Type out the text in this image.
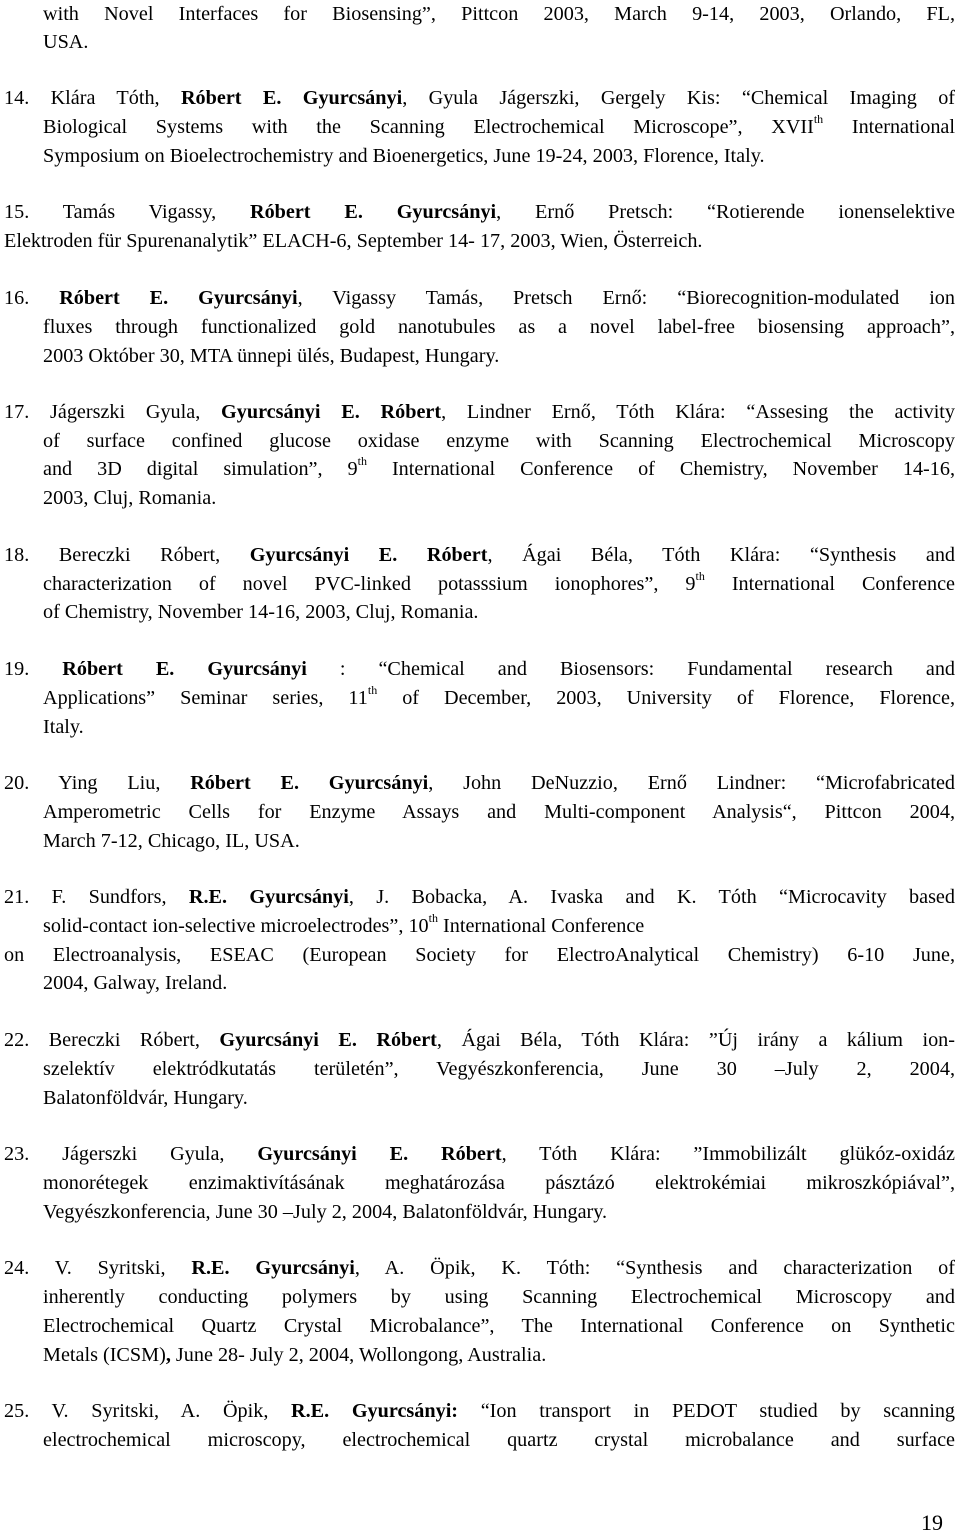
with Novel Interfaces for Biosensing”, Pittcon 2003, March 9-14, 2003, Orlando, FL,
USA.
14. Klára Tóth, Róbert E. Gyurcsányi, Gyula Jágerszki, Gergely Kis: “Chemical Imaging of
Biological Systems with the Scanning Electrochemical Microscope”, XVIIth International
Symposium on Bioelectrochemistry and Bioenergetics, June 19-24, 2003, Florence, Italy.
15. Tamás Vigassy, Róbert E. Gyurcsányi, Ernő Pretsch: “Rotierende ionenselektive
Elektroden für Spurenanalytik” ELACH-6, September 14- 17, 2003, Wien, Österreich.
16. Róbert E. Gyurcsányi, Vigassy Tamás, Pretsch Ernő: “Biorecognition-modulated ion
fluxes through functionalized gold nanotubules as a novel label-free biosensing approach”,
2003 Október 30, MTA ünnepi ülés, Budapest, Hungary.
17. Jágerszki Gyula, Gyurcsányi E. Róbert, Lindner Ernő, Tóth Klára: “Assesing the activity
of surface confined glucose oxidase enzyme with Scanning Electrochemical Microscopy
and 3D digital simulation”, 9th International Conference of Chemistry, November 14-16,
2003, Cluj, Romania.
18. Bereczki Róbert, Gyurcsányi E. Róbert, Ágai Béla, Tóth Klára: “Synthesis and
characterization of novel PVC-linked potasssium ionophores”, 9th International Conference
of Chemistry, November 14-16, 2003, Cluj, Romania.
19. Róbert E. Gyurcsányi : “Chemical and Biosensors: Fundamental research and
Applications” Seminar series, 11th of December, 2003, University of Florence, Florence,
Italy.
20. Ying Liu, Róbert E. Gyurcsányi, John DeNuzzio, Ernő Lindner: “Microfabricated
Amperometric Cells for Enzyme Assays and Multi-component Analysis“, Pittcon 2004,
March 7-12, Chicago, IL, USA.
21. F. Sundfors, R.E. Gyurcsányi, J. Bobacka, A. Ivaska and K. Tóth “Microcavity based
solid-contact ion-selective microelectrodes”, 10th International Conference
on Electroanalysis, ESEAC (European Society for ElectroAnalytical Chemistry) 6-10 June,
2004, Galway, Ireland.
22. Bereczki Róbert, Gyurcsányi E. Róbert, Ágai Béla, Tóth Klára: ”Új irány a kálium ion-
szelektív elektródkutatás területén”, Vegyészkonferencia, June 30 –July 2, 2004,
Balatonföldvár, Hungary.
23. Jágerszki Gyula, Gyurcsányi E. Róbert, Tóth Klára: ”Immobilizált glükóz-oxidáz
monorétegek enzimaktivításának meghatározása pásztázó elektrokémiai mikroszkópiával”,
Vegyészkonferencia, June 30 –July 2, 2004, Balatonföldvár, Hungary.
24. V. Syritski, R.E. Gyurcsányi, A. Öpik, K. Tóth: “Synthesis and characterization of
inherently conducting polymers by using Scanning Electrochemical Microscopy and
Electrochemical Quartz Crystal Microbalance”, The International Conference on Synthetic
Metals (ICSM), June 28- July 2, 2004, Wollongong, Australia.
25. V. Syritski, A. Öpik, R.E. Gyurcsányi: “Ion transport in PEDOT studied by scanning
electrochemical microscopy, electrochemical quartz crystal microbalance and surface
19
